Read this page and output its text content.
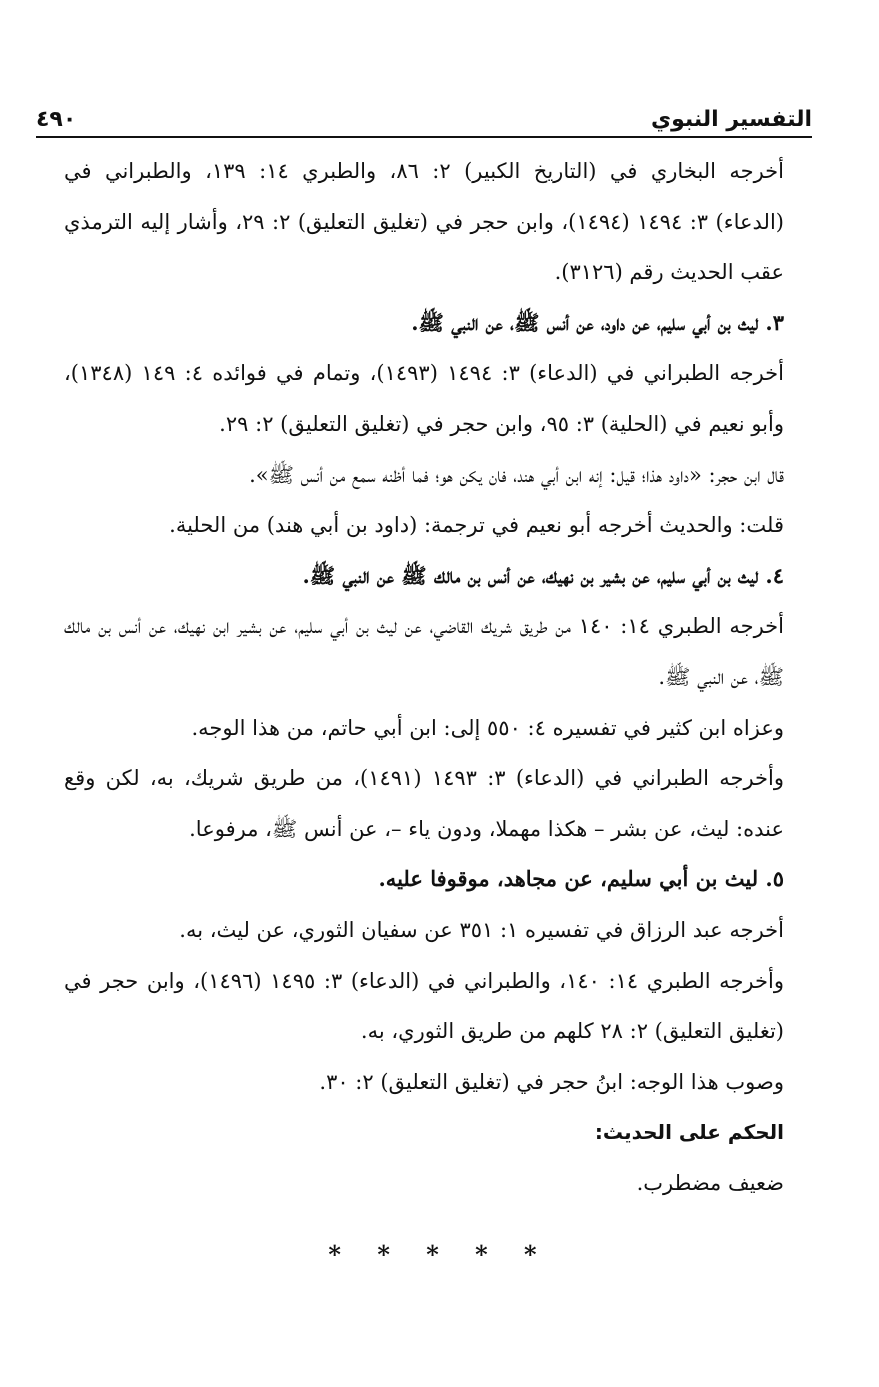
التفسير النبوي
٤٩٠

أخرجه البخاري في (التاريخ الكبير) ٢: ٨٦، والطبري ١٤: ١٣٩، والطبراني في (الدعاء) ٣: ١٤٩٤ (١٤٩٤)، وابن حجر في (تغليق التعليق) ٢: ٢٩، وأشار إليه الترمذي عقب الحديث رقم (٣١٢٦).

٣. ليث بن أبي سليم، عن داود، عن أنس ﷺ، عن النبي ﷺ.

أخرجه الطبراني في (الدعاء) ٣: ١٤٩٤ (١٤٩٣)، وتمام في فوائده ٤: ١٤٩ (١٣٤٨)، وأبو نعيم في (الحلية) ٣: ٩٥، وابن حجر في (تغليق التعليق) ٢: ٢٩.

قال ابن حجر: «داود هذا؛ قيل: إنه ابن أبي هند، فان يكن هو؛ فما أظنه سمع من أنس ﷺ».

قلت: والحديث أخرجه أبو نعيم في ترجمة: (داود بن أبي هند) من الحلية.

٤. ليث بن أبي سليم، عن بشير بن نهيك، عن أنس بن مالك ﷺ عن النبي ﷺ.

أخرجه الطبري ١٤: ١٤٠ من طريق شريك القاضي، عن ليث بن أبي سليم، عن بشير ابن نهيك، عن أنس بن مالك ﷺ، عن النبي ﷺ.

وعزاه ابن كثير في تفسيره ٤: ٥٥٠ إلى: ابن أبي حاتم، من هذا الوجه.

وأخرجه الطبراني في (الدعاء) ٣: ١٤٩٣ (١٤٩١)، من طريق شريك، به، لكن وقع عنده: ليث، عن بشر – هكذا مهملا، ودون ياء –، عن أنس ﷺ، مرفوعا.

٥. ليث بن أبي سليم، عن مجاهد، موقوفا عليه.

أخرجه عبد الرزاق في تفسيره ١: ٣٥١ عن سفيان الثوري، عن ليث، به.

وأخرجه الطبري ١٤: ١٤٠، والطبراني في (الدعاء) ٣: ١٤٩٥ (١٤٩٦)، وابن حجر في (تغليق التعليق) ٢: ٢٨ كلهم من طريق الثوري، به.

وصوب هذا الوجه: ابنُ حجر في (تغليق التعليق) ٢: ٣٠.

الحكم على الحديث:

ضعيف مضطرب.

* * * * *
